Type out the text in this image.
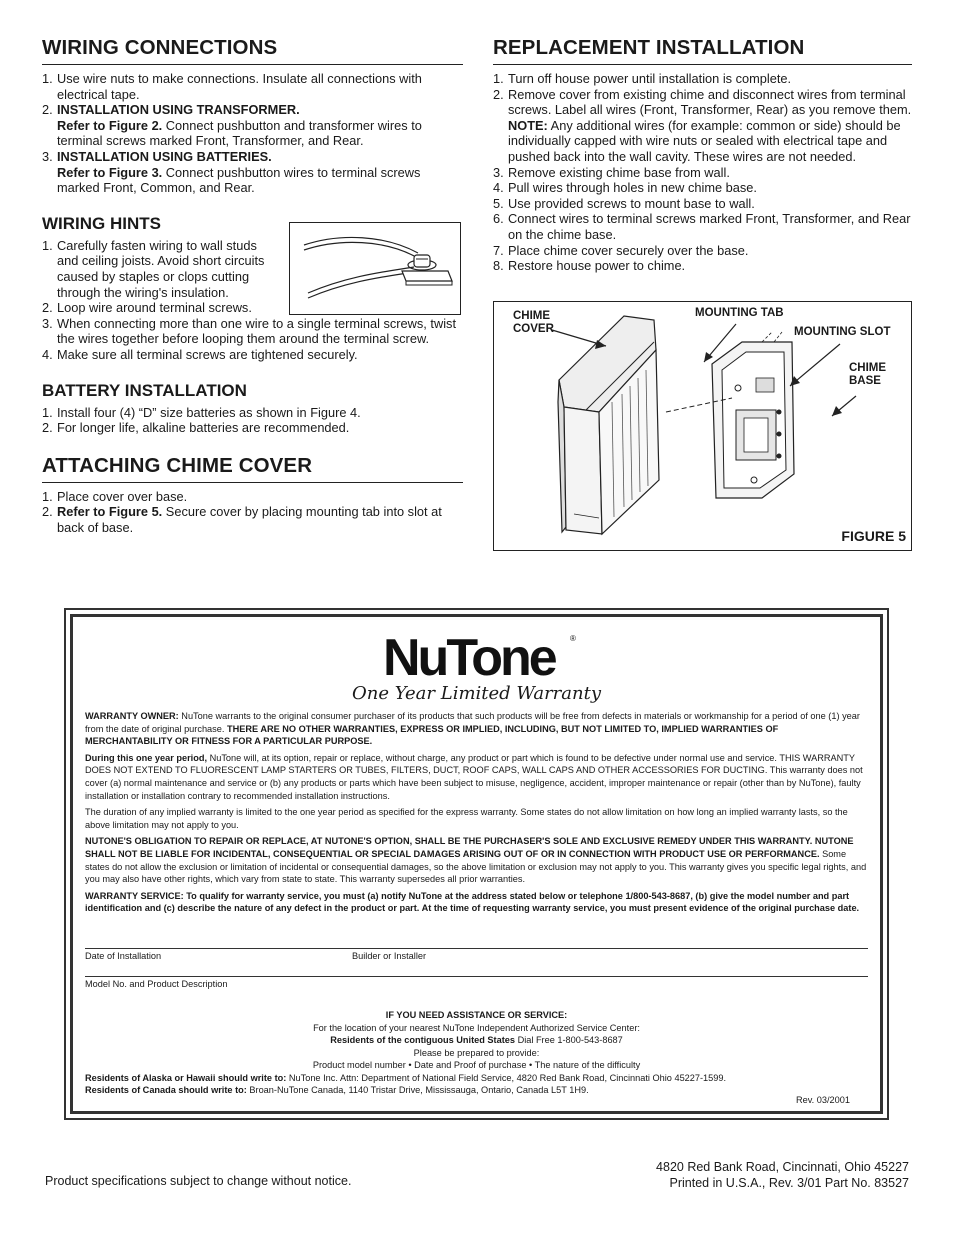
WIRING CONNECTIONS
1. Use wire nuts to make connections. Insulate all connections with electrical tape.
2. INSTALLATION USING TRANSFORMER.
Refer to Figure 2. Connect pushbutton and transformer wires to terminal screws marked Front, Transformer, and Rear.
3. INSTALLATION USING BATTERIES.
Refer to Figure 3. Connect pushbutton wires to terminal screws marked Front, Common, and Rear.
WIRING HINTS
1. Carefully fasten wiring to wall studs and ceiling joists. Avoid short circuits caused by staples or clops cutting through the wiring's insulation.
2. Loop wire around terminal screws.
3. When connecting more than one wire to a single terminal screws, twist the wires together before looping them around the terminal screw.
4. Make sure all terminal screws are tightened securely.
BATTERY INSTALLATION
1. Install four (4) “D” size batteries as shown in Figure 4.
2. For longer life, alkaline batteries are recommended.
ATTACHING CHIME COVER
1. Place cover over base.
2. Refer to Figure 5. Secure cover by placing mounting tab into slot at back of base.
REPLACEMENT INSTALLATION
1. Turn off house power until installation is complete.
2. Remove cover from existing chime and disconnect wires from terminal screws. Label all wires (Front, Transformer, Rear) as you remove them. NOTE: Any additional wires (for example: common or side) should be individually capped with wire nuts or sealed with electrical tape and pushed back into the wall cavity. These wires are not needed.
3. Remove existing chime base from wall.
4. Pull wires through holes in new chime base.
5. Use provided screws to mount base to wall.
6. Connect wires to terminal screws marked Front, Transformer, and Rear on the chime base.
7. Place chime cover securely over the base.
8. Restore house power to chime.
CHIME
COVER
MOUNTING TAB
MOUNTING SLOT
CHIME
BASE
FIGURE 5
NuTone ®
One Year Limited Warranty

WARRANTY OWNER: NuTone warrants to the original consumer purchaser of its products that such products will be free from defects in materials or workmanship for a period of one (1) year from the date of original purchase. THERE ARE NO OTHER WARRANTIES, EXPRESS OR IMPLIED, INCLUDING, BUT NOT LIMITED TO, IMPLIED WARRANTIES OF MERCHANTABILITY OR FITNESS FOR A PARTICULAR PURPOSE.

During this one year period, NuTone will, at its option, repair or replace, without charge, any product or part which is found to be defective under normal use and service. THIS WARRANTY DOES NOT EXTEND TO FLUORESCENT LAMP STARTERS OR TUBES, FILTERS, DUCT, ROOF CAPS, WALL CAPS AND OTHER ACCESSORIES FOR DUCTING. This warranty does not cover (a) normal maintenance and service or (b) any products or parts which have been subject to misuse, negligence, accident, improper maintenance or repair (other than by NuTone), faulty installation or installation contrary to recommended installation instructions.

The duration of any implied warranty is limited to the one year period as specified for the express warranty. Some states do not allow limitation on how long an implied warranty lasts, so the above limitation may not apply to you.

NUTONE'S OBLIGATION TO REPAIR OR REPLACE, AT NUTONE'S OPTION, SHALL BE THE PURCHASER'S SOLE AND EXCLUSIVE REMEDY UNDER THIS WARRANTY. NUTONE SHALL NOT BE LIABLE FOR INCIDENTAL, CONSEQUENTIAL OR SPECIAL DAMAGES ARISING OUT OF OR IN CONNECTION WITH PRODUCT USE OR PERFORMANCE. Some states do not allow the exclusion or limitation of incidental or consequential damages, so the above limitation or exclusion may not apply to you. This warranty gives you specific legal rights, and you may also have other rights, which vary from state to state. This warranty supersedes all prior warranties.

WARRANTY SERVICE: To qualify for warranty service, you must (a) notify NuTone at the address stated below or telephone 1/800-543-8687, (b) give the model number and part identification and (c) describe the nature of any defect in the product or part. At the time of requesting warranty service, you must present evidence of the original purchase date.

Date of Installation	Builder or Installer
Model No. and Product Description
IF YOU NEED ASSISTANCE OR SERVICE:
For the location of your nearest NuTone Independent Authorized Service Center:
Residents of the contiguous United States Dial Free 1-800-543-8687
Please be prepared to provide:
Product model number • Date and Proof of purchase • The nature of the difficulty
Residents of Alaska or Hawaii should write to: NuTone Inc. Attn: Department of National Field Service, 4820 Red Bank Road, Cincinnati Ohio 45227-1599.
Residents of Canada should write to: Broan-NuTone Canada, 1140 Tristar Drive, Mississauga, Ontario, Canada L5T 1H9.
Rev. 03/2001
Product specifications subject to change without notice.
4820 Red Bank Road, Cincinnati, Ohio 45227
Printed in U.S.A., Rev. 3/01 Part No. 83527
